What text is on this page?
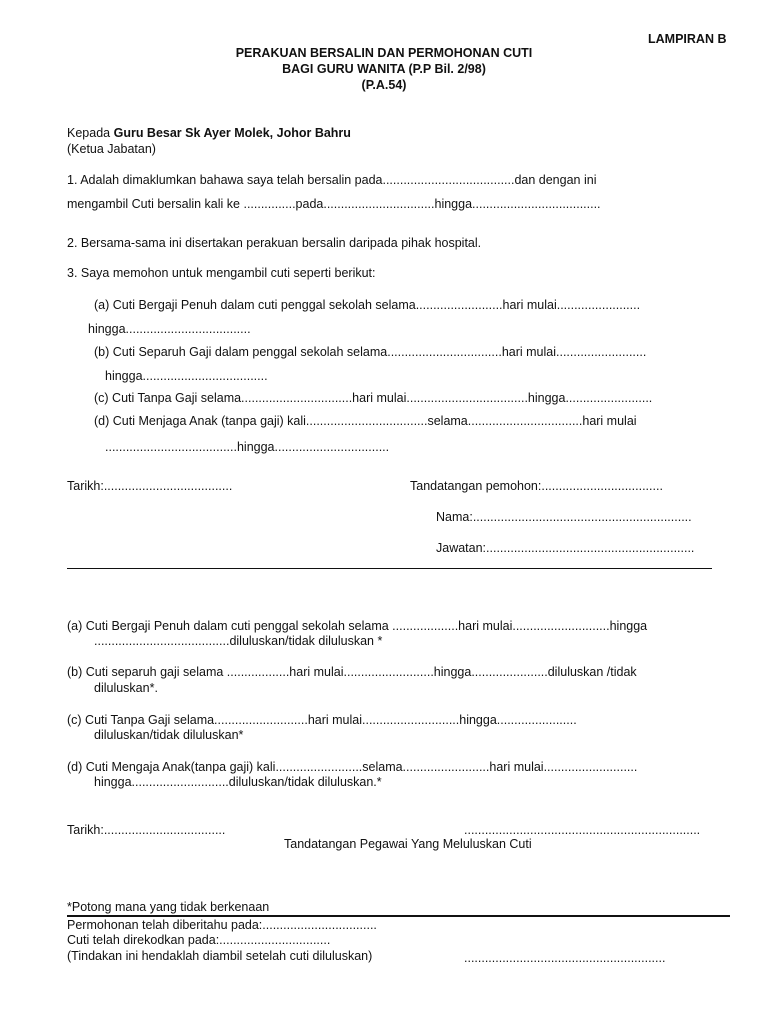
LAMPIRAN B
PERAKUAN BERSALIN DAN PERMOHONAN CUTI
BAGI GURU WANITA (P.P Bil. 2/98)
(P.A.54)
Kepada Guru Besar Sk Ayer Molek, Johor Bahru
(Ketua Jabatan)
1. Adalah dimaklumkan bahawa saya telah bersalin pada......................................dan dengan ini
mengambil Cuti bersalin kali ke ...............pada................................hingga.....................................
2. Bersama-sama ini disertakan perakuan bersalin daripada pihak hospital.
3. Saya memohon untuk mengambil cuti seperti berikut:
(a) Cuti Bergaji Penuh dalam cuti penggal sekolah selama.........................hari mulai........................
hingga....................................
(b) Cuti Separuh Gaji dalam penggal sekolah selama.................................hari mulai..........................
hingga....................................
(c) Cuti Tanpa Gaji selama................................hari mulai...................................hingga.........................
(d) Cuti Menjaga Anak (tanpa gaji) kali...................................selama.................................hari mulai
......................................hingga.................................
Tarikh:.....................................	Tandatangan pemohon:...................................
Nama:...............................................................
Jawatan:............................................................
(a) Cuti Bergaji Penuh dalam cuti penggal sekolah selama ...................hari mulai............................hingga
.......................................diluluskan/tidak diluluskan *
(b) Cuti separuh gaji selama ..................hari mulai..........................hingga......................diluluskan /tidak
diluluskan*.
(c) Cuti Tanpa Gaji selama...........................hari mulai............................hingga.......................
diluluskan/tidak diluluskan*
(d) Cuti Mengaja Anak(tanpa gaji) kali.........................selama.........................hari mulai...........................
hingga............................diluluskan/tidak diluluskan.*
Tarikh:...................................	....................................................................
Tandatangan Pegawai Yang Meluluskan Cuti
*Potong mana yang tidak berkenaan
Permohonan telah diberitahu pada:.................................
Cuti telah direkodkan pada:................................
(Tindakan ini hendaklah diambil setelah cuti diluluskan)	..........................................................
